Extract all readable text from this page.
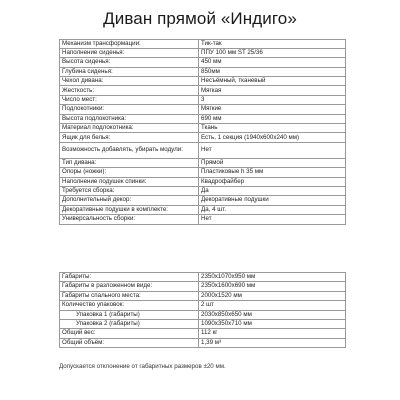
Диван прямой «Индиго»
Механизм трансформации:	Тик-так
Наполнение сиденья:	ППУ 100 мм ST 25/36
Высота сиденья:	450 мм
Глубина сиденья:	850мм
Чехол дивана:	Несъёмный, тканевый
Жесткость:	Мягкая
Число мест:	3
Подлокотники:	Мягкие
Высота подлокотника:	690 мм
Материал подлокотника:	Ткань
Ящик для белья:	Есть, 1 секция (1940х600х240 мм)
Возможность добавлять, убирать модули:	Нет
Тип дивана:	Прямой
Опоры (ножки):	Пластиковые h 35 мм
Наполнение подушек спинки:	Квадрофайбер
Требуется сборка:	Да
Дополнительный декор:	Декоративные подушки
Декоративные подушки в комплекте:	Да, 4 шт.
Универсальность сборки:	Нет
Габариты:	2350х1070х950 мм
Габариты в разложенном виде:	2350х1600х690 мм
Габариты спального места:	2000х1520 мм
Количество упаковок:	2 шт
Упаковка 1 (габариты)	2030х850х650 мм
Упаковка 2 (габариты)	1090х350х710 мм
Общий вес:	112 кг
Общий объём:	1,39 м³
Допускается отклонение от габаритных размеров ±20 мм.
